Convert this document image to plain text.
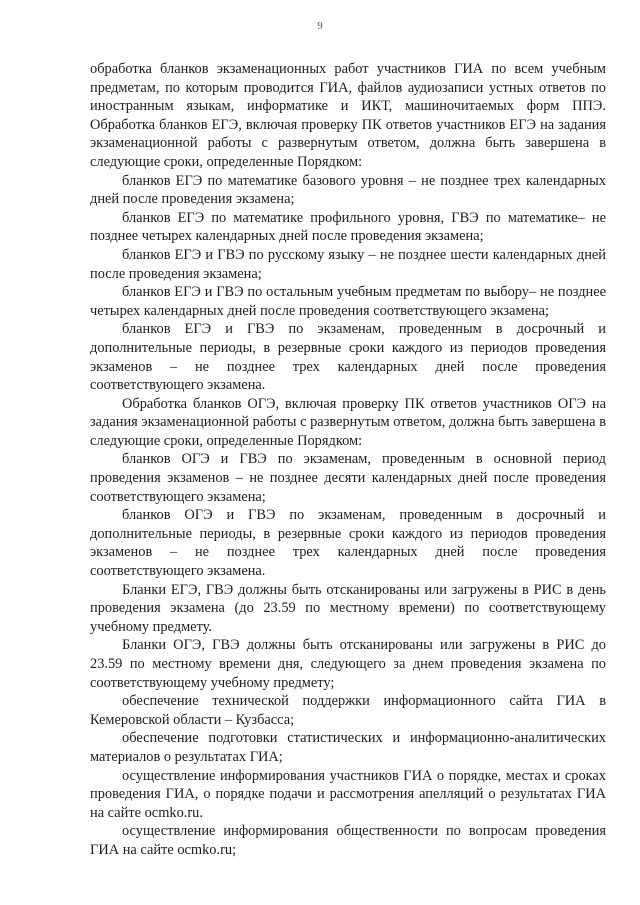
9

обработка бланков экзаменационных работ участников ГИА по всем учебным предметам, по которым проводится ГИА, файлов аудиозаписи устных ответов по иностранным языкам, информатике и ИКТ, машиночитаемых форм ППЭ. Обработка бланков ЕГЭ, включая проверку ПК ответов участников ЕГЭ на задания экзаменационной работы с развернутым ответом, должна быть завершена в следующие сроки, определенные Порядком:

бланков ЕГЭ по математике базового уровня – не позднее трех календарных дней после проведения экзамена;

бланков ЕГЭ по математике профильного уровня, ГВЭ по математике– не позднее четырех календарных дней после проведения экзамена;

бланков ЕГЭ и ГВЭ по русскому языку – не позднее шести календарных дней после проведения экзамена;

бланков ЕГЭ и ГВЭ по остальным учебным предметам по выбору– не позднее четырех календарных дней после проведения соответствующего экзамена;

бланков ЕГЭ и ГВЭ по экзаменам, проведенным в досрочный и дополнительные периоды, в резервные сроки каждого из периодов проведения экзаменов – не позднее трех календарных дней после проведения соответствующего экзамена.

Обработка бланков ОГЭ, включая проверку ПК ответов участников ОГЭ на задания экзаменационной работы с развернутым ответом, должна быть завершена в следующие сроки, определенные Порядком:

бланков ОГЭ и ГВЭ по экзаменам, проведенным в основной период проведения экзаменов – не позднее десяти календарных дней после проведения соответствующего экзамена;

бланков ОГЭ и ГВЭ по экзаменам, проведенным в досрочный и дополнительные периоды, в резервные сроки каждого из периодов проведения экзаменов – не позднее трех календарных дней после проведения соответствующего экзамена.

Бланки ЕГЭ, ГВЭ должны быть отсканированы или загружены в РИС в день проведения экзамена (до 23.59 по местному времени) по соответствующему учебному предмету.

Бланки ОГЭ, ГВЭ должны быть отсканированы или загружены в РИС до 23.59 по местному времени дня, следующего за днем проведения экзамена по соответствующему учебному предмету;

обеспечение технической поддержки информационного сайта ГИА в Кемеровской области – Кузбасса;

обеспечение подготовки статистических и информационно-аналитических материалов о результатах ГИА;

осуществление информирования участников ГИА о порядке, местах и сроках проведения ГИА, о порядке подачи и рассмотрения апелляций о результатах ГИА на сайте ocmko.ru.

осуществление информирования общественности по вопросам проведения ГИА на сайте ocmko.ru;
